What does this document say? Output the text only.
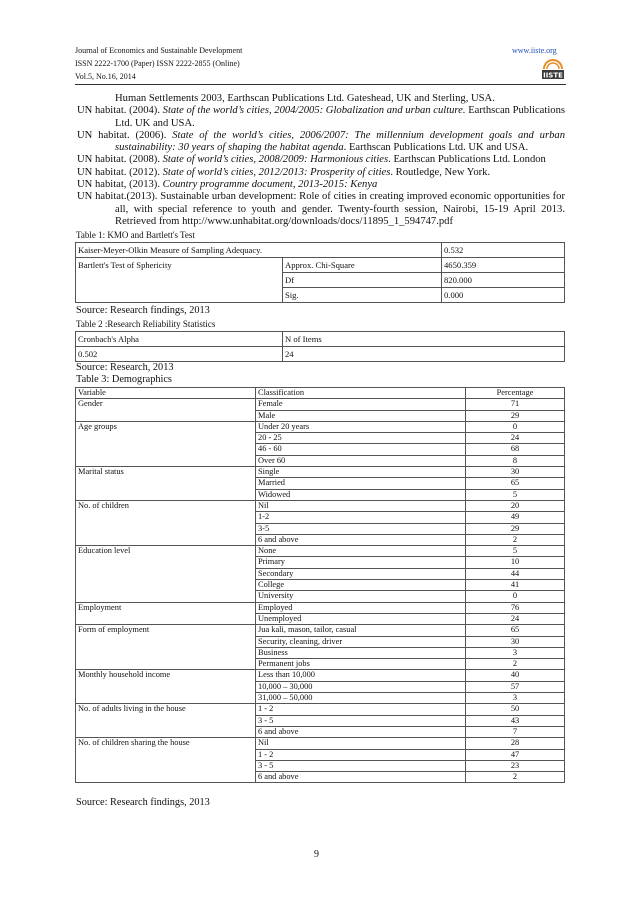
Journal of Economics and Sustainable Development	www.iiste.org
ISSN 2222-1700 (Paper) ISSN 2222-2855 (Online)
Vol.5, No.16, 2014	IISTE

Human Settlements 2003, Earthscan Publications Ltd. Gateshead, UK and Sterling, USA.

UN habitat. (2004). State of the world’s cities, 2004/2005: Globalization and urban culture. Earthscan Publications Ltd. UK and USA.

UN habitat. (2006). State of the world’s cities, 2006/2007: The millennium development goals and urban sustainability: 30 years of shaping the habitat agenda. Earthscan Publications Ltd. UK and USA.

UN habitat. (2008). State of world’s cities, 2008/2009: Harmonious cities. Earthscan Publications Ltd. London

UN habitat. (2012). State of world’s cities, 2012/2013: Prosperity of cities. Routledge, New York.

UN habitat, (2013). Country programme document, 2013-2015: Kenya

UN habitat.(2013). Sustainable urban development: Role of cities in creating improved economic opportunities for all, with special reference to youth and gender. Twenty-fourth session, Nairobi, 15-19 April 2013. Retrieved from http://www.unhabitat.org/downloads/docs/11895_1_594747.pdf

Table 1: KMO and Bartlett's Test
Kaiser-Meyer-Olkin Measure of Sampling Adequacy.		0.532
Bartlett's Test of Sphericity	Approx. Chi-Square	4650.359
	Df	820.000
	Sig.	0.000
Source: Research findings, 2013
Table 2 :Research Reliability Statistics
Cronbach's Alpha	N of Items
0.502	24
Source: Research, 2013
Table 3: Demographics
Variable	Classification	Percentage
Gender	Female	71
	Male	29
Age groups	Under 20 years	0
	20 - 25	24
	46 - 60	68
	Over 60	8
Marital status	Single	30
	Married	65
	Widowed	5
No. of children	Nil	20
	1-2	49
	3-5	29
	6 and above	2
Education level	None	5
	Primary	10
	Secondary	44
	College	41
	University	0
Employment	Employed	76
	Unemployed	24
Form of employment	Jua kali, mason, tailor, casual	65
	Security, cleaning, driver	30
	Business	3
	Permanent jobs	2
Monthly household income	Less than 10,000	40
	10,000 – 30,000	57
	31,000 – 50,000	3
No. of adults living in the house	1 - 2	50
	3 - 5	43
	6 and above	7
No. of children sharing the house	Nil	28
	1 - 2	47
	3 - 5	23
	6 and above	2
Source: Research findings, 2013
9
